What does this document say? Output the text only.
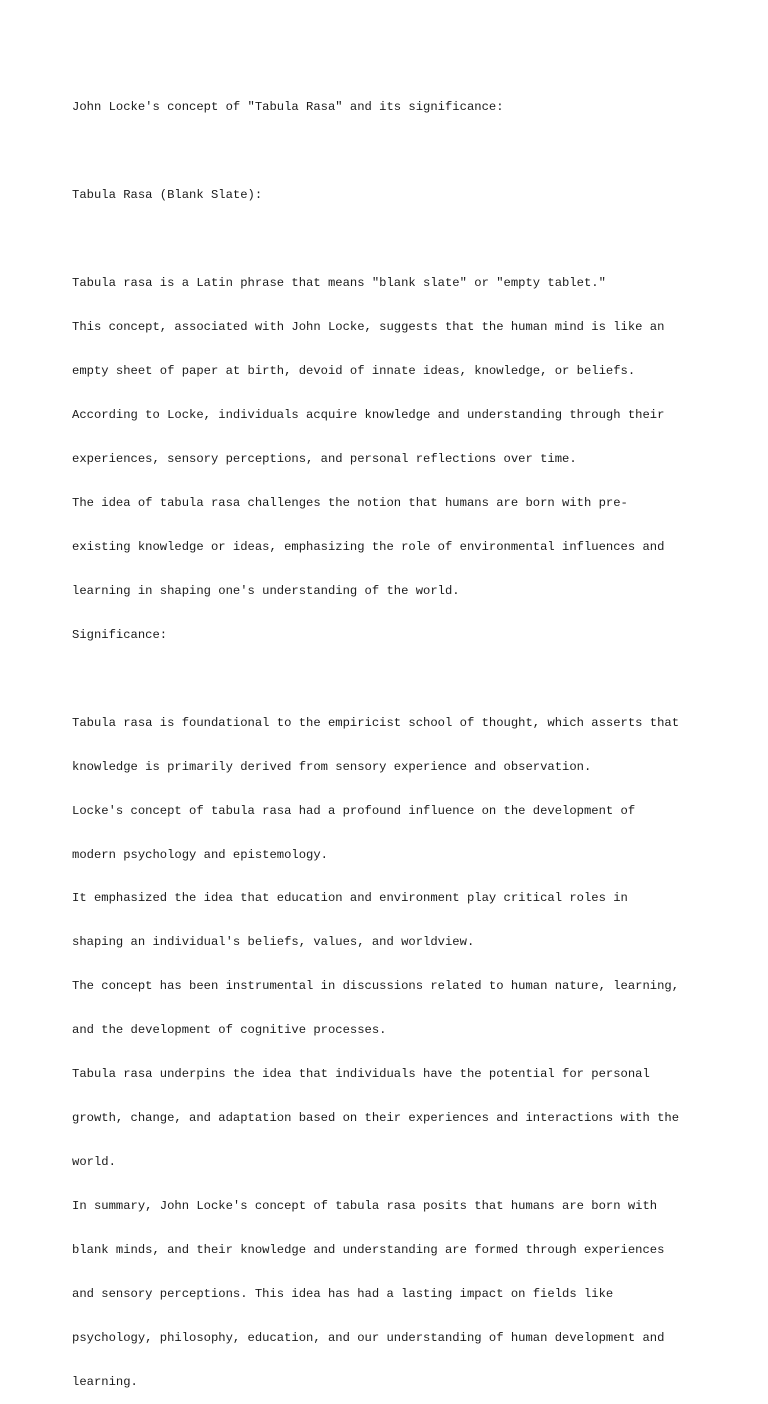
John Locke's concept of "Tabula Rasa" and its significance:

Tabula Rasa (Blank Slate):

Tabula rasa is a Latin phrase that means "blank slate" or "empty tablet."

This concept, associated with John Locke, suggests that the human mind is like an

empty sheet of paper at birth, devoid of innate ideas, knowledge, or beliefs.

According to Locke, individuals acquire knowledge and understanding through their

experiences, sensory perceptions, and personal reflections over time.

The idea of tabula rasa challenges the notion that humans are born with pre-

existing knowledge or ideas, emphasizing the role of environmental influences and

learning in shaping one's understanding of the world.

Significance:

Tabula rasa is foundational to the empiricist school of thought, which asserts that

knowledge is primarily derived from sensory experience and observation.

Locke's concept of tabula rasa had a profound influence on the development of

modern psychology and epistemology.

It emphasized the idea that education and environment play critical roles in

shaping an individual's beliefs, values, and worldview.

The concept has been instrumental in discussions related to human nature, learning,

and the development of cognitive processes.

Tabula rasa underpins the idea that individuals have the potential for personal

growth, change, and adaptation based on their experiences and interactions with the

world.

In summary, John Locke's concept of tabula rasa posits that humans are born with

blank minds, and their knowledge and understanding are formed through experiences

and sensory perceptions. This idea has had a lasting impact on fields like

psychology, philosophy, education, and our understanding of human development and

learning.
